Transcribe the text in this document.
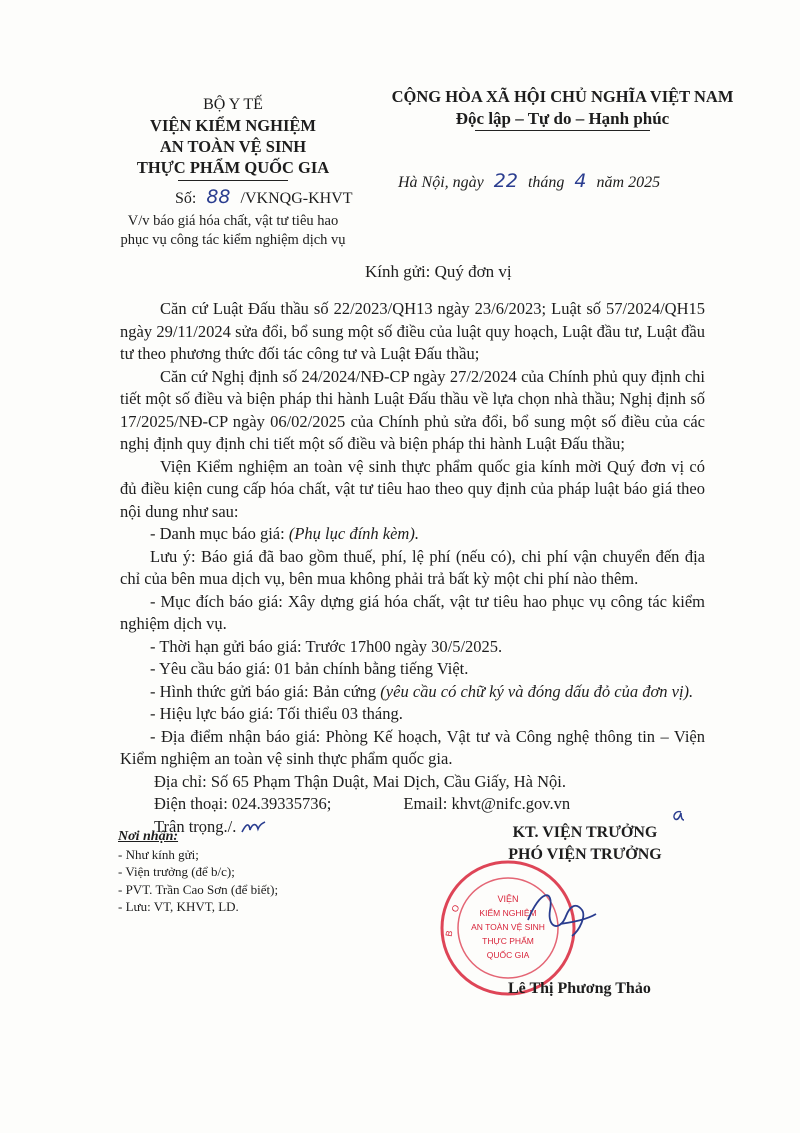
BỘ Y TẾ
VIỆN KIỂM NGHIỆM
AN TOÀN VỆ SINH
THỰC PHẨM QUỐC GIA
Số: 88 /VKNQG-KHVT
V/v báo giá hóa chất, vật tư tiêu hao
phục vụ công tác kiểm nghiệm dịch vụ
CỘNG HÒA XÃ HỘI CHỦ NGHĨA VIỆT NAM
Độc lập – Tự do – Hạnh phúc
Hà Nội, ngày 22 tháng 4 năm 2025
Kính gửi: Quý đơn vị

Căn cứ Luật Đấu thầu số 22/2023/QH13 ngày 23/6/2023; Luật số 57/2024/QH15 ngày 29/11/2024 sửa đổi, bổ sung một số điều của luật quy hoạch, Luật đầu tư, Luật đầu tư theo phương thức đối tác công tư và Luật Đấu thầu;

Căn cứ Nghị định số 24/2024/NĐ-CP ngày 27/2/2024 của Chính phủ quy định chi tiết một số điều và biện pháp thi hành Luật Đấu thầu về lựa chọn nhà thầu; Nghị định số 17/2025/NĐ-CP ngày 06/02/2025 của Chính phủ sửa đổi, bổ sung một số điều của các nghị định quy định chi tiết một số điều và biện pháp thi hành Luật Đấu thầu;

Viện Kiểm nghiệm an toàn vệ sinh thực phẩm quốc gia kính mời Quý đơn vị có đủ điều kiện cung cấp hóa chất, vật tư tiêu hao theo quy định của pháp luật báo giá theo nội dung như sau:

- Danh mục báo giá: (Phụ lục đính kèm).

Lưu ý: Báo giá đã bao gồm thuế, phí, lệ phí (nếu có), chi phí vận chuyển đến địa chỉ của bên mua dịch vụ, bên mua không phải trả bất kỳ một chi phí nào thêm.

- Mục đích báo giá: Xây dựng giá hóa chất, vật tư tiêu hao phục vụ công tác kiểm nghiệm dịch vụ.

- Thời hạn gửi báo giá: Trước 17h00 ngày 30/5/2025.

- Yêu cầu báo giá: 01 bản chính bằng tiếng Việt.

- Hình thức gửi báo giá: Bản cứng (yêu cầu có chữ ký và đóng dấu đỏ của đơn vị).

- Hiệu lực báo giá: Tối thiểu 03 tháng.

- Địa điểm nhận báo giá: Phòng Kế hoạch, Vật tư và Công nghệ thông tin – Viện Kiểm nghiệm an toàn vệ sinh thực phẩm quốc gia.

Địa chỉ: Số 65 Phạm Thận Duật, Mai Dịch, Cầu Giấy, Hà Nội.

Điện thoại: 024.39335736;	Email: khvt@nifc.gov.vn
Trân trọng./.
Nơi nhận:
- Như kính gửi;
- Viện trưởng (để b/c);
- PVT. Trần Cao Sơn (để biết);
- Lưu: VT, KHVT, LD.
KT. VIỆN TRƯỞNG
PHÓ VIỆN TRƯỞNG
VIỆN
KIỂM NGHIỆM
AN TOÀN VỆ SINH
THỰC PHẨM
QUỐC GIA
B
O
Lê Thị Phương Thảo
